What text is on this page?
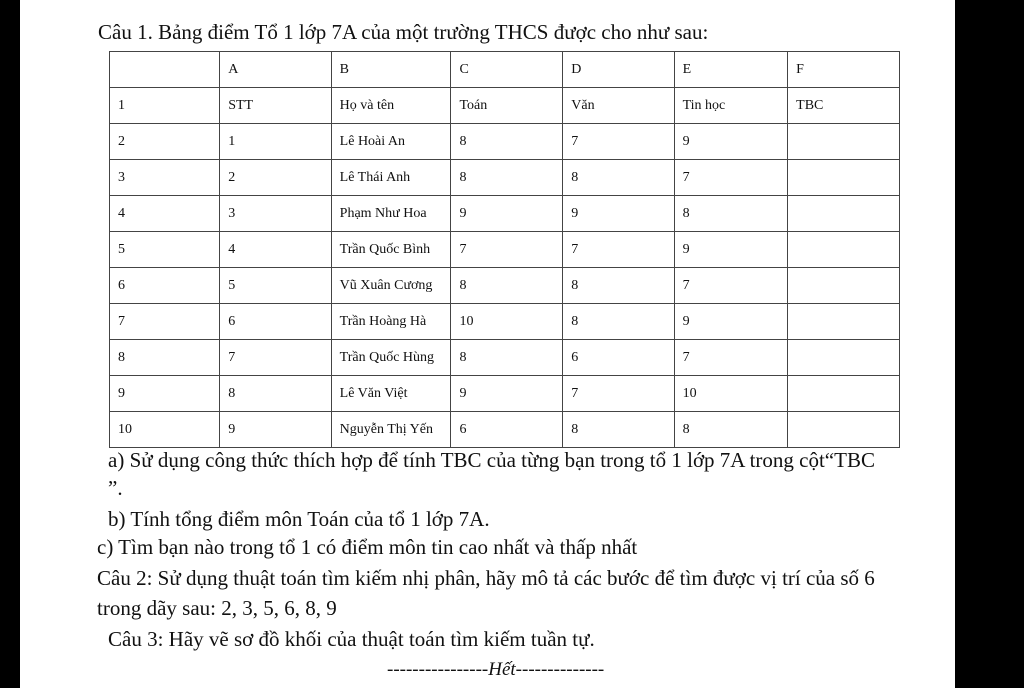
Câu 1. Bảng điểm Tổ 1 lớp 7A của một trường THCS được cho như sau:
	A	B	C	D	E	F
1	STT	Họ và tên	Toán	Văn	Tin học	TBC
2	1	Lê Hoài An	8	7	9	
3	2	Lê Thái Anh	8	8	7	
4	3	Phạm Như Hoa	9	9	8	
5	4	Trần Quốc Bình	7	7	9	
6	5	Vũ Xuân Cương	8	8	7	
7	6	Trần Hoàng Hà	10	8	9	
8	7	Trần Quốc Hùng	8	6	7	
9	8	Lê Văn Việt	9	7	10	
10	9	Nguyễn Thị Yến	6	8	8	
a) Sử dụng công thức thích hợp để tính TBC của từng bạn trong tổ 1 lớp 7A trong cột“TBC
”.
b) Tính tổng điểm môn Toán của tổ 1 lớp 7A.
c) Tìm bạn nào trong tổ 1 có điểm môn tin cao nhất và thấp nhất
Câu 2: Sử dụng thuật toán tìm kiếm nhị phân, hãy mô tả các bước để tìm được vị trí của số 6
trong dãy sau: 2, 3, 5, 6, 8, 9
Câu 3: Hãy vẽ sơ đồ khối của thuật toán tìm kiếm tuần tự.
----------------Hết--------------
